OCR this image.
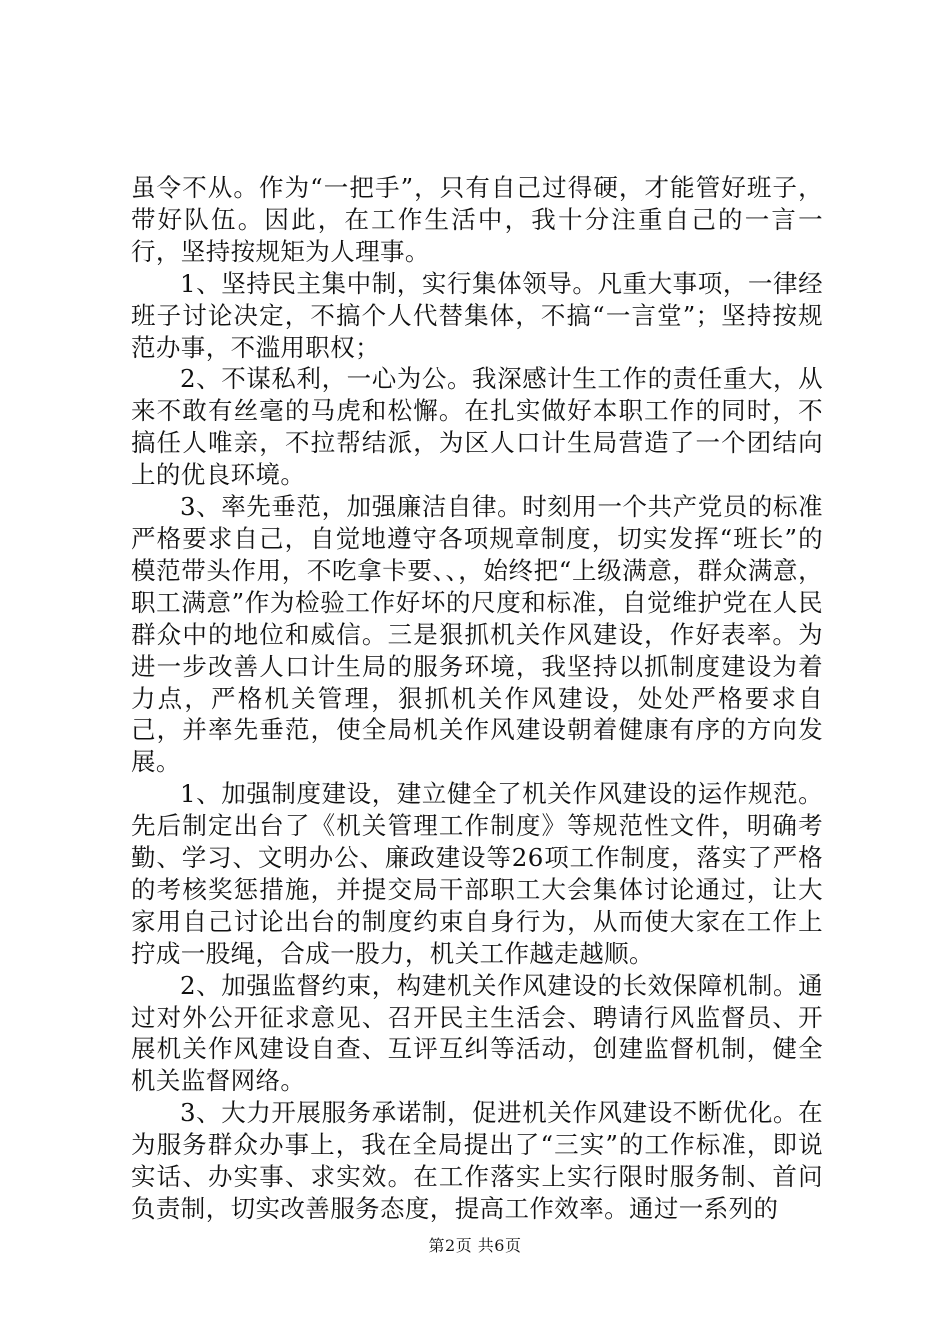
虽令不从。作为“一把手”，只有自己过得硬，才能管好班子，带好队伍。因此，在工作生活中，我十分注重自己的一言一行，坚持按规矩为人理事。

1、坚持民主集中制，实行集体领导。凡重大事项，一律经班子讨论决定，不搞个人代替集体，不搞“一言堂”；坚持按规范办事，不滥用职权；

2、不谋私利，一心为公。我深感计生工作的责任重大，从来不敢有丝毫的马虎和松懈。在扎实做好本职工作的同时，不搞任人唯亲，不拉帮结派，为区人口计生局营造了一个团结向上的优良环境。

3、率先垂范，加强廉洁自律。时刻用一个共产党员的标准严格要求自己，自觉地遵守各项规章制度，切实发挥“班长”的模范带头作用，不吃拿卡要、、，始终把“上级满意，群众满意，职工满意”作为检验工作好坏的尺度和标准，自觉维护党在人民群众中的地位和威信。三是狠抓机关作风建设，作好表率。为进一步改善人口计生局的服务环境，我坚持以抓制度建设为着力点，严格机关管理，狠抓机关作风建设，处处严格要求自己，并率先垂范，使全局机关作风建设朝着健康有序的方向发展。

1、加强制度建设，建立健全了机关作风建设的运作规范。先后制定出台了《机关管理工作制度》等规范性文件，明确考勤、学习、文明办公、廉政建设等26项工作制度，落实了严格的考核奖惩措施，并提交局干部职工大会集体讨论通过，让大家用自己讨论出台的制度约束自身行为，从而使大家在工作上拧成一股绳，合成一股力，机关工作越走越顺。

2、加强监督约束，构建机关作风建设的长效保障机制。通过对外公开征求意见、召开民主生活会、聘请行风监督员、开展机关作风建设自查、互评互纠等活动，创建监督机制，健全机关监督网络。

3、大力开展服务承诺制，促进机关作风建设不断优化。在为服务群众办事上，我在全局提出了“三实”的工作标准，即说实话、办实事、求实效。在工作落实上实行限时服务制、首问负责制，切实改善服务态度，提高工作效率。通过一系列的

第2页 共6页
